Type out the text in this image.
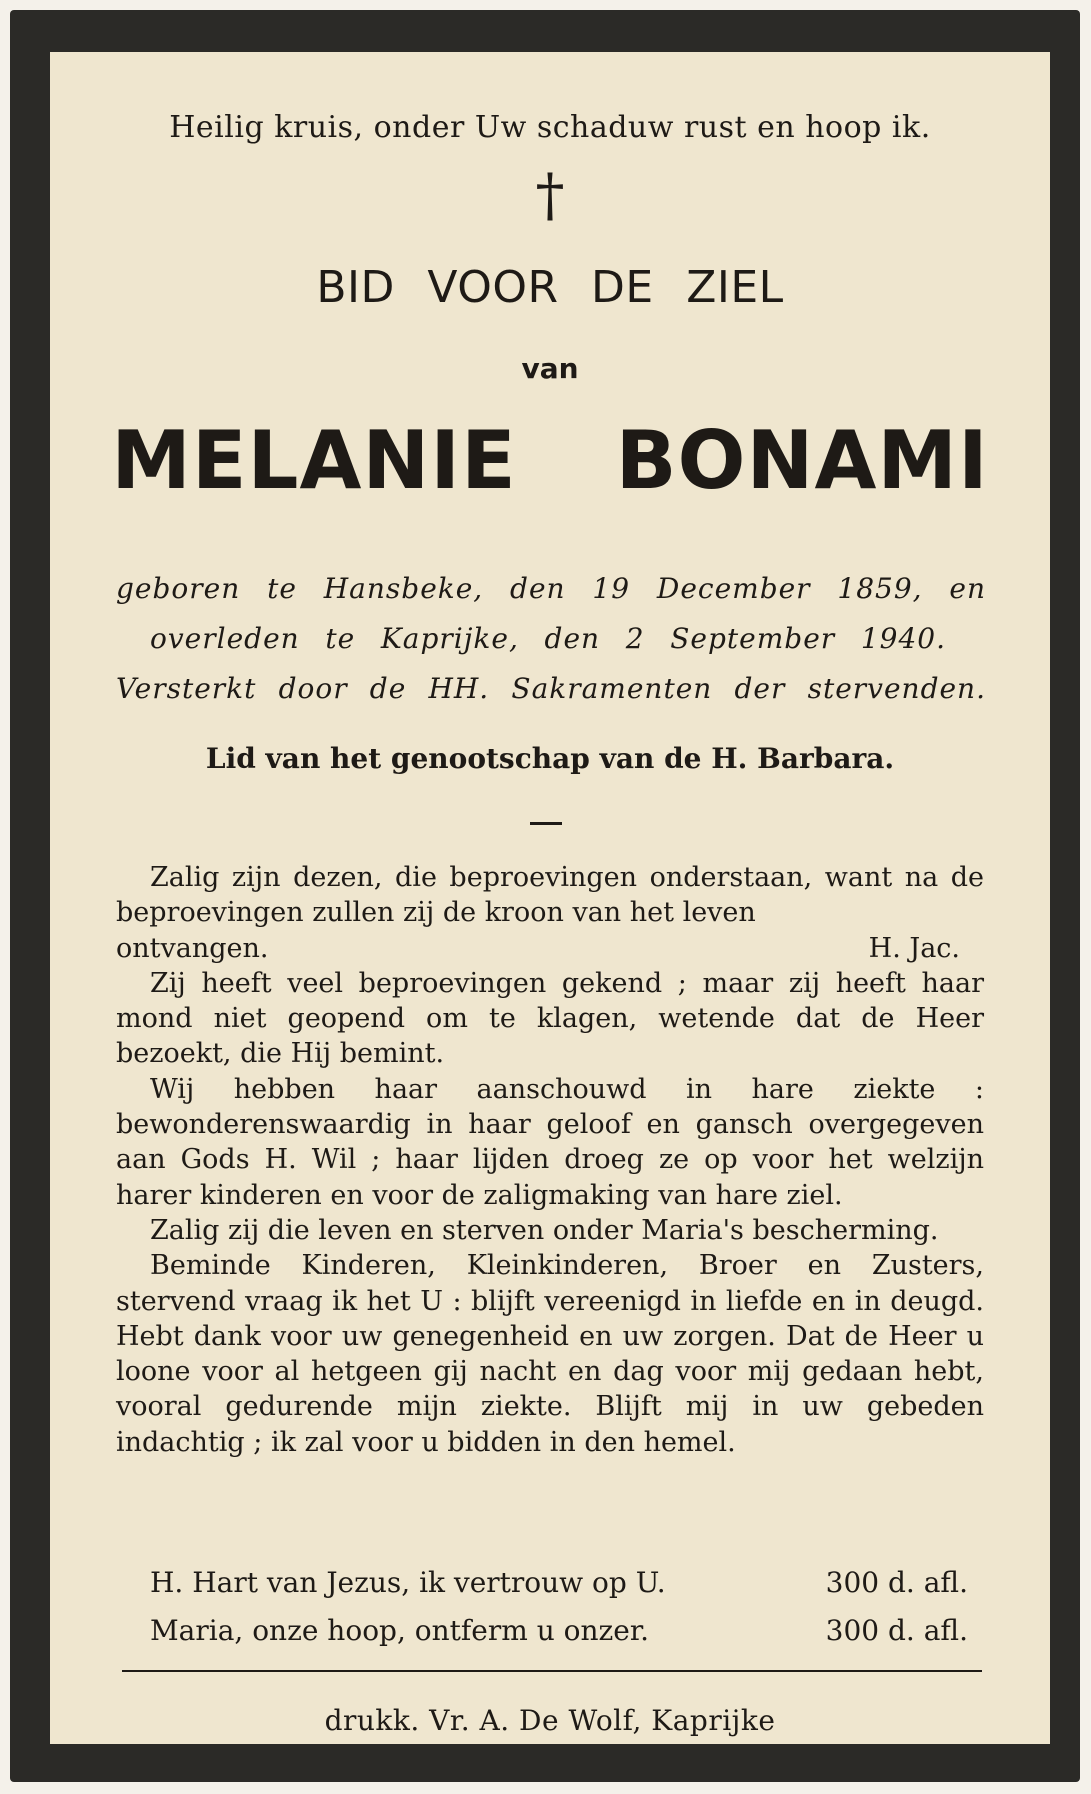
Heilig kruis, onder Uw schaduw rust en hoop ik.
†
BID VOOR DE ZIEL
van
MELANIE BONAMI
geboren te Hansbeke, den 19 December 1859, en
overleden te Kaprijke, den 2 September 1940.
Versterkt door de HH. Sakramenten der stervenden.
Lid van het genootschap van de H. Barbara.
Zalig zijn dezen, die beproevingen onderstaan, want na de beproevingen zullen zij de kroon van het leven
ontvangen.	H. Jac.
Zij heeft veel beproevingen gekend ; maar zij heeft haar mond niet geopend om te klagen, wetende dat de Heer bezoekt, die Hij bemint.
Wij hebben haar aanschouwd in hare ziekte : bewonderenswaardig in haar geloof en gansch overgegeven aan Gods H. Wil ; haar lijden droeg ze op voor het welzijn harer kinderen en voor de zaligmaking van hare ziel.
Zalig zij die leven en sterven onder Maria's bescherming.
Beminde Kinderen, Kleinkinderen, Broer en Zusters, stervend vraag ik het U : blijft vereenigd in liefde en in deugd. Hebt dank voor uw genegenheid en uw zorgen. Dat de Heer u loone voor al hetgeen gij nacht en dag voor mij gedaan hebt, vooral gedurende mijn ziekte. Blijft mij in uw gebeden indachtig ; ik zal voor u bidden in den hemel.
H. Hart van Jezus, ik vertrouw op U.	300 d. afl.
Maria, onze hoop, ontferm u onzer.	300 d. afl.
drukk. Vr. A. De Wolf, Kaprijke
